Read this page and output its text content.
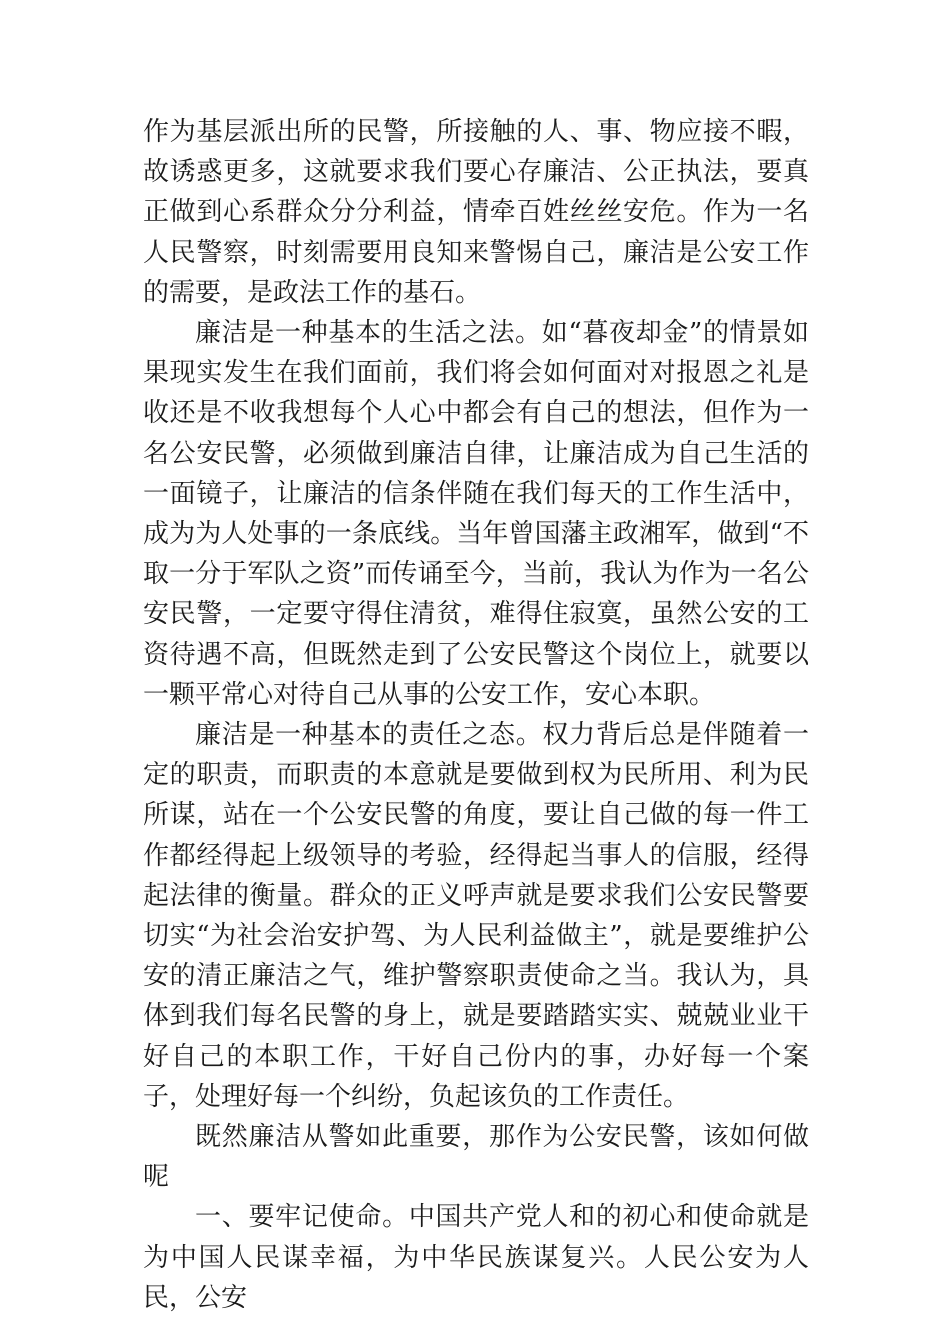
作为基层派出所的民警，所接触的人、事、物应接不暇，故诱惑更多，这就要求我们要心存廉洁、公正执法，要真正做到心系群众分分利益，情牵百姓丝丝安危。作为一名人民警察，时刻需要用良知来警惕自己，廉洁是公安工作的需要，是政法工作的基石。

廉洁是一种基本的生活之法。如“暮夜却金”的情景如果现实发生在我们面前，我们将会如何面对对报恩之礼是收还是不收我想每个人心中都会有自己的想法，但作为一名公安民警，必须做到廉洁自律，让廉洁成为自己生活的一面镜子，让廉洁的信条伴随在我们每天的工作生活中，成为为人处事的一条底线。当年曾国藩主政湘军，做到“不取一分于军队之资”而传诵至今，当前，我认为作为一名公安民警，一定要守得住清贫，难得住寂寞，虽然公安的工资待遇不高，但既然走到了公安民警这个岗位上，就要以一颗平常心对待自己从事的公安工作，安心本职。

廉洁是一种基本的责任之态。权力背后总是伴随着一定的职责，而职责的本意就是要做到权为民所用、利为民所谋，站在一个公安民警的角度，要让自己做的每一件工作都经得起上级领导的考验，经得起当事人的信服，经得起法律的衡量。群众的正义呼声就是要求我们公安民警要切实“为社会治安护驾、为人民利益做主”，就是要维护公安的清正廉洁之气，维护警察职责使命之当。我认为，具体到我们每名民警的身上，就是要踏踏实实、兢兢业业干好自己的本职工作，干好自己份内的事，办好每一个案子，处理好每一个纠纷，负起该负的工作责任。

既然廉洁从警如此重要，那作为公安民警，该如何做呢

一、要牢记使命。中国共产党人和的初心和使命就是为中国人民谋幸福，为中华民族谋复兴。人民公安为人民，公安
